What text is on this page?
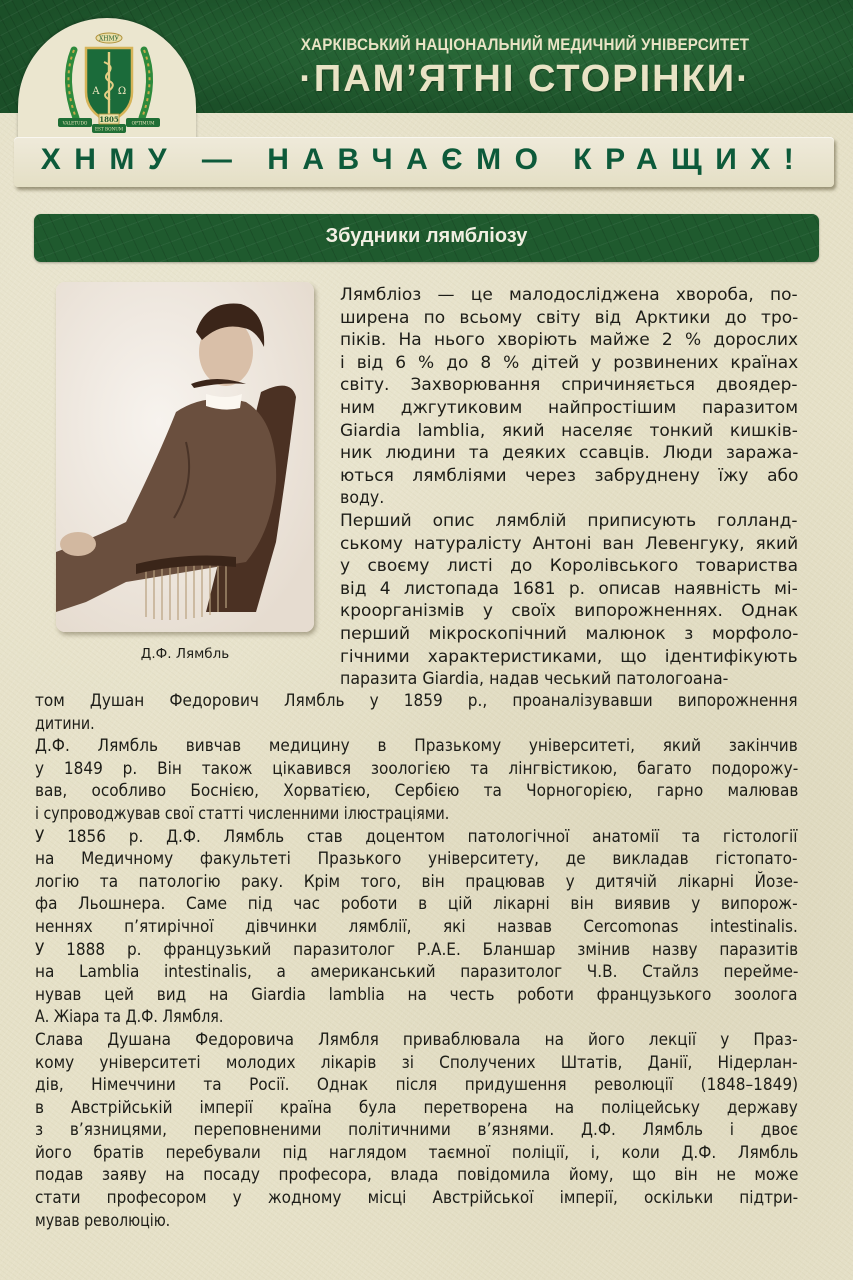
ХНМУ
Α Ω
1805
VALETUDO
EST BONUM
OPTIMUM
ХАРКІВСЬКИЙ НАЦІОНАЛЬНИЙ МЕДИЧНИЙ УНІВЕРСИТЕТ
·ПАМ’ЯТНІ СТОРІНКИ·
ХНМУ — НАВЧАЄМО КРАЩИХ!
Збудники лямбліозу
Д.Ф. Лямбль
Лямбліоз — це малодосліджена хвороба, по-
ширена по всьому світу від Арктики до тро-
піків. На нього хворіють майже 2 % дорослих
і від 6 % до 8 % дітей у розвинених країнах
світу. Захворювання спричиняється двоядер-
ним джгутиковим найпростішим паразитом
Giardia lamblia, який населяє тонкий кишків-
ник людини та деяких ссавців. Люди заража-
ються лямбліями через забруднену їжу або
воду.
Перший опис лямблій приписують голланд-
ському натуралісту Антоні ван Левенгуку, який
у своєму листі до Королівського товариства
від 4 листопада 1681 р. описав наявність мі-
кроорганізмів у своїх випорожненнях. Однак
перший мікроскопічний малюнок з морфоло-
гічними характеристиками, що ідентифікують
паразита Giardia, надав чеський патологоана-
том Душан Федорович Лямбль у 1859 р., проаналізувавши випорожнення
дитини.
Д.Ф. Лямбль вивчав медицину в Празькому університеті, який закінчив
у 1849 р. Він також цікавився зоологією та лінгвістикою, багато подорожу-
вав, особливо Боснією, Хорватією, Сербією та Чорногорією, гарно малював
і супроводжував свої статті численними ілюстраціями.
У 1856 р. Д.Ф. Лямбль став доцентом патологічної анатомії та гістології
на Медичному факультеті Празького університету, де викладав гістопато-
логію та патологію раку. Крім того, він працював у дитячій лікарні Йозе-
фа Льошнера. Саме під час роботи в цій лікарні він виявив у випорож-
неннях п’ятирічної дівчинки лямблії, які назвав Cercomonas intestinalis.
У 1888 р. французький паразитолог Р.А.Е. Бланшар змінив назву паразитів
на Lamblia intestinalis, а американський паразитолог Ч.В. Стайлз переймe-
нував цей вид на Giardia lamblia на честь роботи французького зоолога
А. Жіара та Д.Ф. Лямбля.
Слава Душана Федоровича Лямбля приваблювала на його лекції у Праз-
кому університеті молодих лікарів зі Сполучених Штатів, Данії, Нідерлан-
дів, Німеччини та Росії. Однак після придушення революції (1848–1849)
в Австрійській імперії країна була перетворена на поліцейську державу
з в’язницями, переповненими політичними в’язнями. Д.Ф. Лямбль і двоє
його братів перебували під наглядом таємної поліції, і, коли Д.Ф. Лямбль
подав заяву на посаду професора, влада повідомила йому, що він не може
стати професором у жодному місці Австрійської імперії, оскільки підтри-
мував революцію.
